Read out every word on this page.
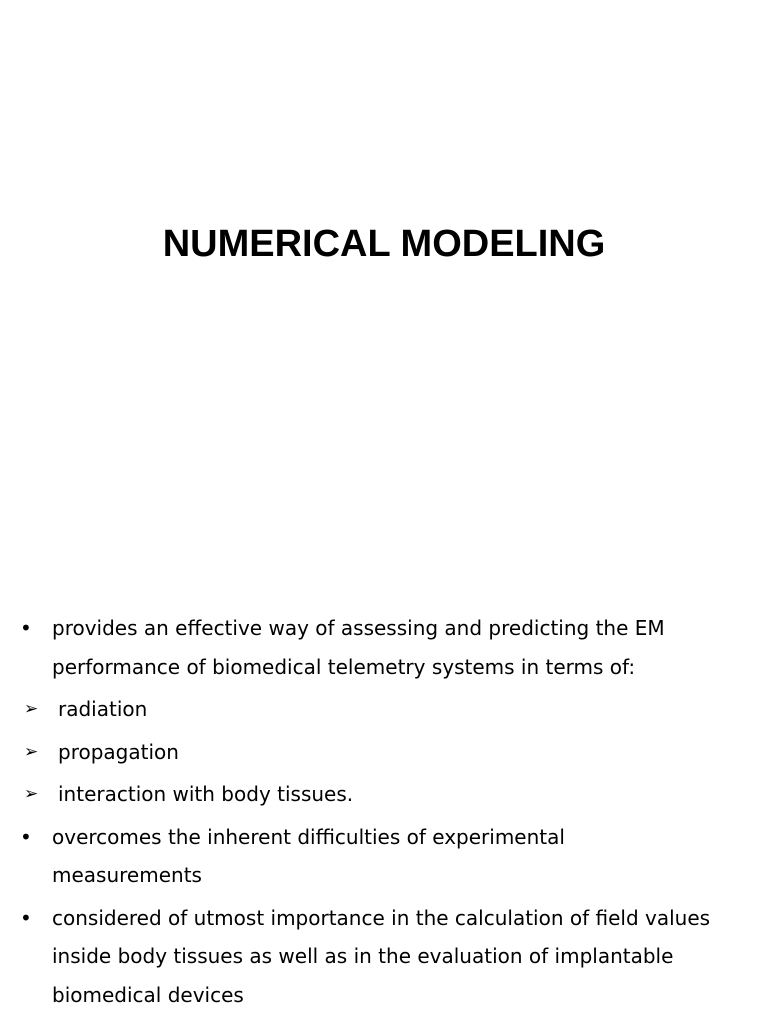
NUMERICAL MODELING
•	provides an effective way of assessing and predicting the EM performance of biomedical telemetry systems in terms of:
➢ radiation
➢ propagation
➢ interaction with body tissues.
•	overcomes the inherent difficulties of experimental measurements
•	considered of utmost importance in the calculation of field values inside body tissues as well as in the evaluation of implantable biomedical devices
